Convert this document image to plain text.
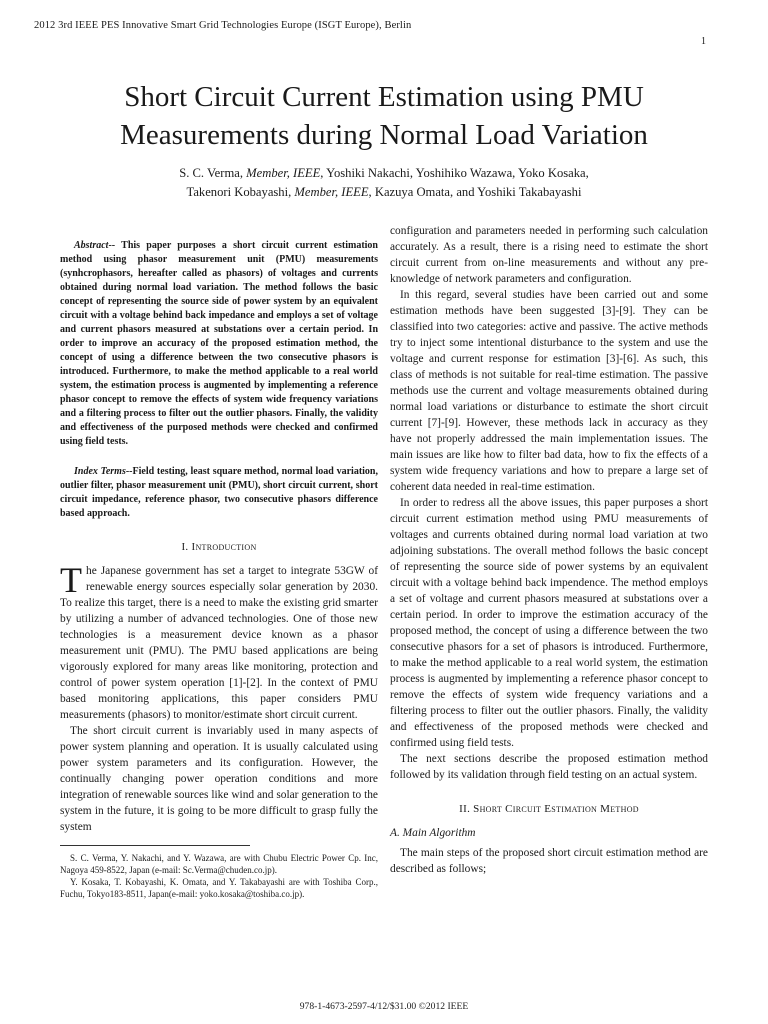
2012 3rd IEEE PES Innovative Smart Grid Technologies Europe (ISGT Europe), Berlin
1
Short Circuit Current Estimation using PMU
Measurements during Normal Load Variation
S. C. Verma, Member, IEEE, Yoshiki Nakachi, Yoshihiko Wazawa, Yoko Kosaka,
Takenori Kobayashi, Member, IEEE, Kazuya Omata, and Yoshiki Takabayashi

Abstract-- This paper purposes a short circuit current estimation method using phasor measurement unit (PMU) measurements (synhcrophasors, hereafter called as phasors) of voltages and currents obtained during normal load variation. The method follows the basic concept of representing the source side of power system by an equivalent circuit with a voltage behind back impedance and employs a set of voltage and current phasors measured at substations over a certain period. In order to improve an accuracy of the proposed estimation method, the concept of using a difference between the two consecutive phasors is introduced. Furthermore, to make the method applicable to a real world system, the estimation process is augmented by implementing a reference phasor concept to remove the effects of system wide frequency variations and a filtering process to filter out the outlier phasors. Finally, the validity and effectiveness of the purposed methods were checked and confirmed using field tests.

Index Terms--Field testing, least square method, normal load variation, outlier filter, phasor measurement unit (PMU), short circuit current, short circuit impedance, reference phasor, two consecutive phasors difference based approach.

I. Introduction

The Japanese government has set a target to integrate 53GW of renewable energy sources especially solar generation by 2030. To realize this target, there is a need to make the existing grid smarter by utilizing a number of advanced technologies. One of those new technologies is a measurement device known as a phasor measurement unit (PMU). The PMU based applications are being vigorously explored for many areas like monitoring, protection and control of power system operation [1]-[2]. In the context of PMU based monitoring applications, this paper considers PMU measurements (phasors) to monitor/estimate short circuit current.

The short circuit current is invariably used in many aspects of power system planning and operation. It is usually calculated using power system parameters and its configuration. However, the continually changing power operation conditions and more integration of renewable sources like wind and solar generation to the system in the future, it is going to be more difficult to grasp fully the system

S. C. Verma, Y. Nakachi, and Y. Wazawa, are with Chubu Electric Power Cp. Inc, Nagoya 459-8522, Japan (e-mail: Sc.Verma@chuden.co.jp).

Y. Kosaka, T. Kobayashi, K. Omata, and Y. Takabayashi are with Toshiba Corp., Fuchu, Tokyo183-8511, Japan(e-mail: yoko.kosaka@toshiba.co.jp).

configuration and parameters needed in performing such calculation accurately. As a result, there is a rising need to estimate the short circuit current from on-line measurements and without any pre-knowledge of network parameters and configuration.

In this regard, several studies have been carried out and some estimation methods have been suggested [3]-[9]. They can be classified into two categories: active and passive. The active methods try to inject some intentional disturbance to the system and use the voltage and current response for estimation [3]-[6]. As such, this class of methods is not suitable for real-time estimation. The passive methods use the current and voltage measurements obtained during normal load variations or disturbance to estimate the short circuit current [7]-[9]. However, these methods lack in accuracy as they have not properly addressed the main implementation issues. The main issues are like how to filter bad data, how to fix the effects of a system wide frequency variations and how to prepare a large set of coherent data needed in real-time estimation.

In order to redress all the above issues, this paper purposes a short circuit current estimation method using PMU measurements of voltages and currents obtained during normal load variation at two adjoining substations. The overall method follows the basic concept of representing the source side of power systems by an equivalent circuit with a voltage behind back impendence. The method employs a set of voltage and current phasors measured at substations over a certain period. In order to improve the estimation accuracy of the proposed method, the concept of using a difference between the two consecutive phasors for a set of phasors is introduced. Furthermore, to make the method applicable to a real world system, the estimation process is augmented by implementing a reference phasor concept to remove the effects of system wide frequency variations and a filtering process to filter out the outlier phasors. Finally, the validity and effectiveness of the proposed methods were checked and confirmed using field tests.

The next sections describe the proposed estimation method followed by its validation through field testing on an actual system.

II. Short Circuit Estimation Method
A. Main Algorithm

The main steps of the proposed short circuit estimation method are described as follows;

978-1-4673-2597-4/12/$31.00 ©2012 IEEE
